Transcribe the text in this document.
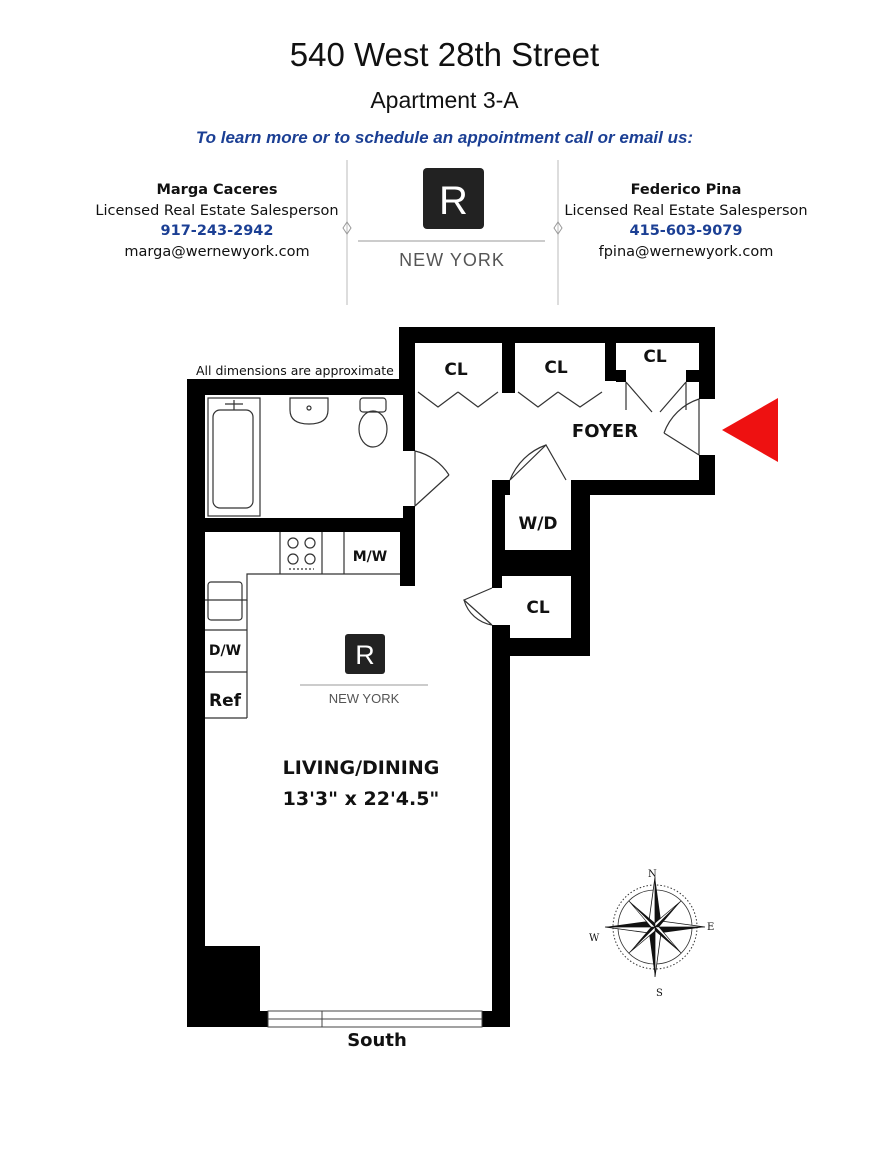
540 West 28th Street
Apartment 3-A
To learn more or to schedule an appointment call or email us:
Marga Caceres
Licensed Real Estate Salesperson
917-243-2942
marga@wernewyork.com
Federico Pina
Licensed Real Estate Salesperson
415-603-9079
fpina@wernewyork.com
R
NEW YORK
All dimensions are approximate
R
NEW YORK
CL	CL
CL
FOYER
W/D
CL
M/W
D/W
Ref
LIVING/DINING
13'3" x 22'4.5"
South
N
S
E
W
